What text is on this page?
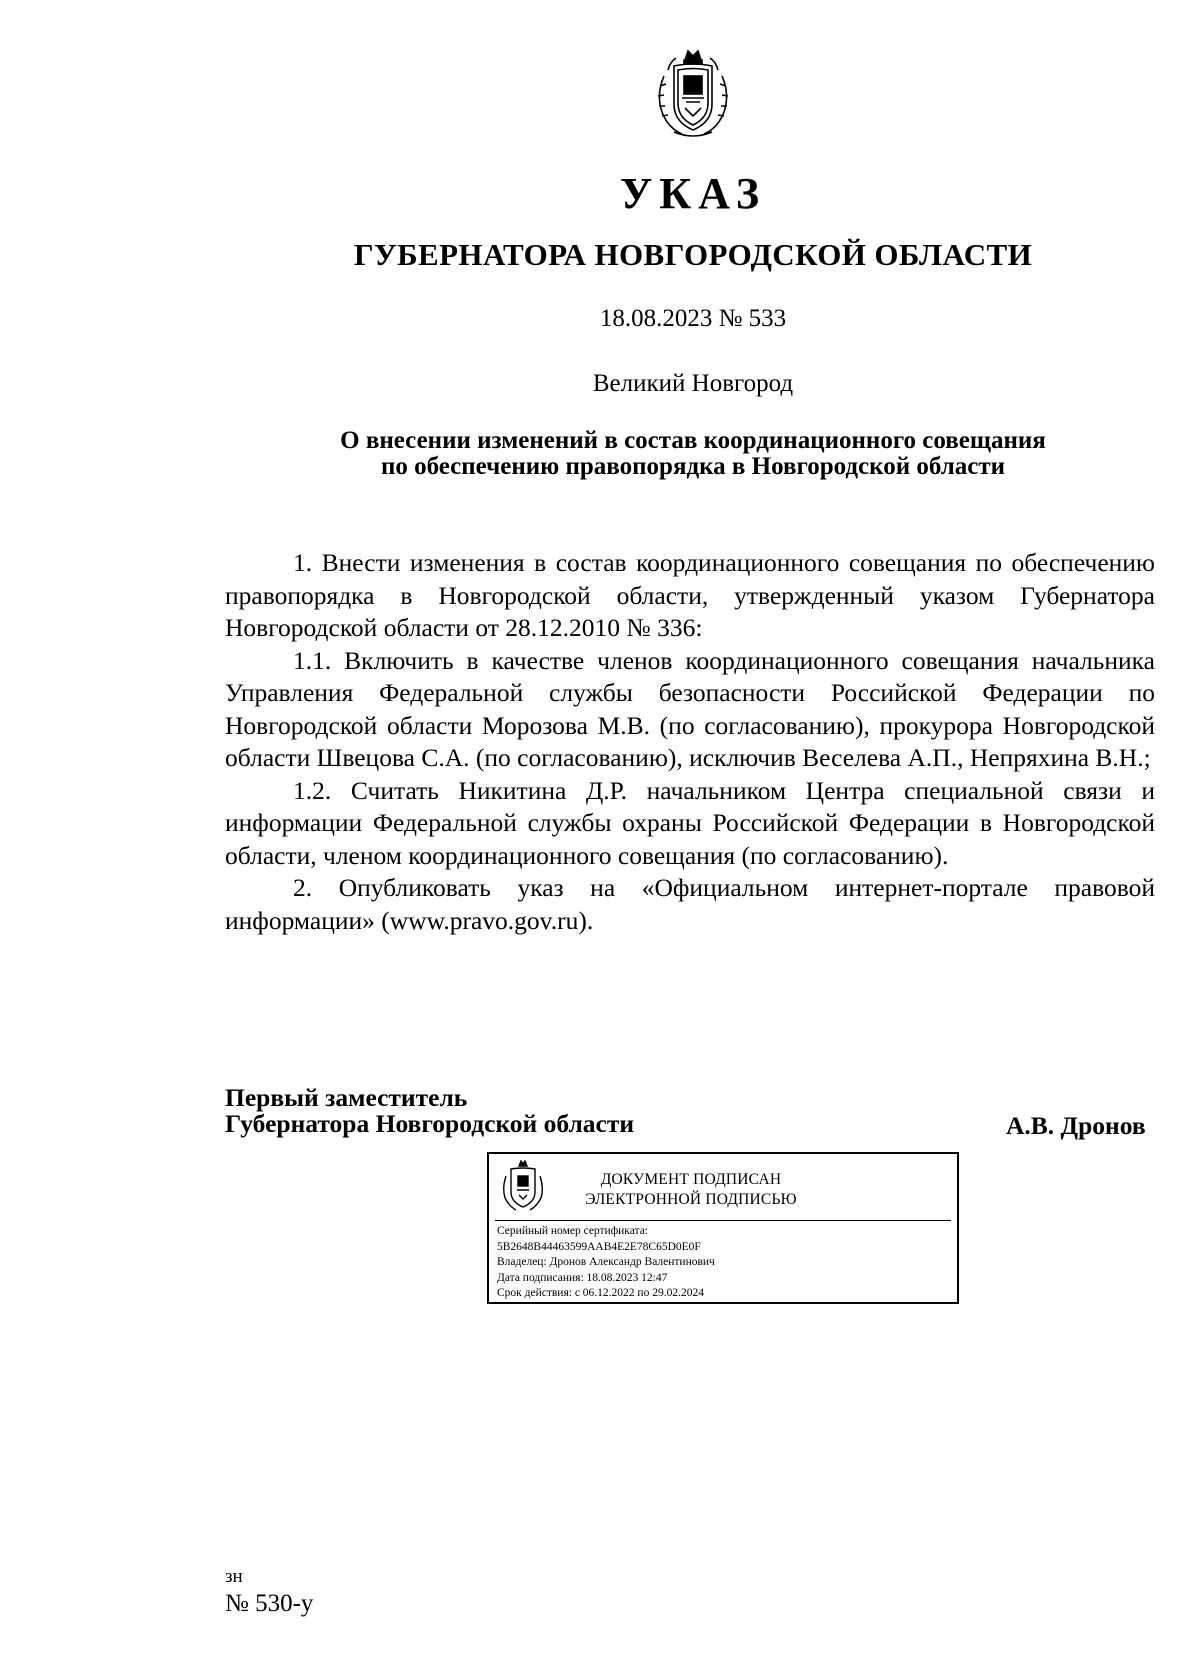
УКАЗ
ГУБЕРНАТОРА НОВГОРОДСКОЙ ОБЛАСТИ
18.08.2023 № 533
Великий Новгород
О внесении изменений в состав координационного совещания
по обеспечению правопорядка в Новгородской области

1. Внести изменения в состав координационного совещания по обеспечению правопорядка в Новгородской области, утвержденный указом Губернатора Новгородской области от 28.12.2010 № 336:

1.1. Включить в качестве членов координационного совещания начальника Управления Федеральной службы безопасности Российской Федерации по Новгородской области Морозова М.В. (по согласованию), прокурора Новгородской области Швецова С.А. (по согласованию), исключив Веселева А.П., Непряхина В.Н.;

1.2. Считать Никитина Д.Р. начальником Центра специальной связи и информации Федеральной службы охраны Российской Федерации в Новгородской области, членом координационного совещания (по согласованию).

2. Опубликовать указ на «Официальном интернет-портале правовой информации» (www.pravo.gov.ru).

Первый заместитель
Губернатора Новгородской области	А.В. Дронов
ДОКУМЕНТ ПОДПИСАН
ЭЛЕКТРОННОЙ ПОДПИСЬЮ
Серийный номер сертификата:
5B2648B44463599AAB4E2E78C65D0E0F
Владелец: Дронов Александр Валентинович
Дата подписания: 18.08.2023 12:47
Срок действия: с 06.12.2022 по 29.02.2024
зн
№ 530-у
